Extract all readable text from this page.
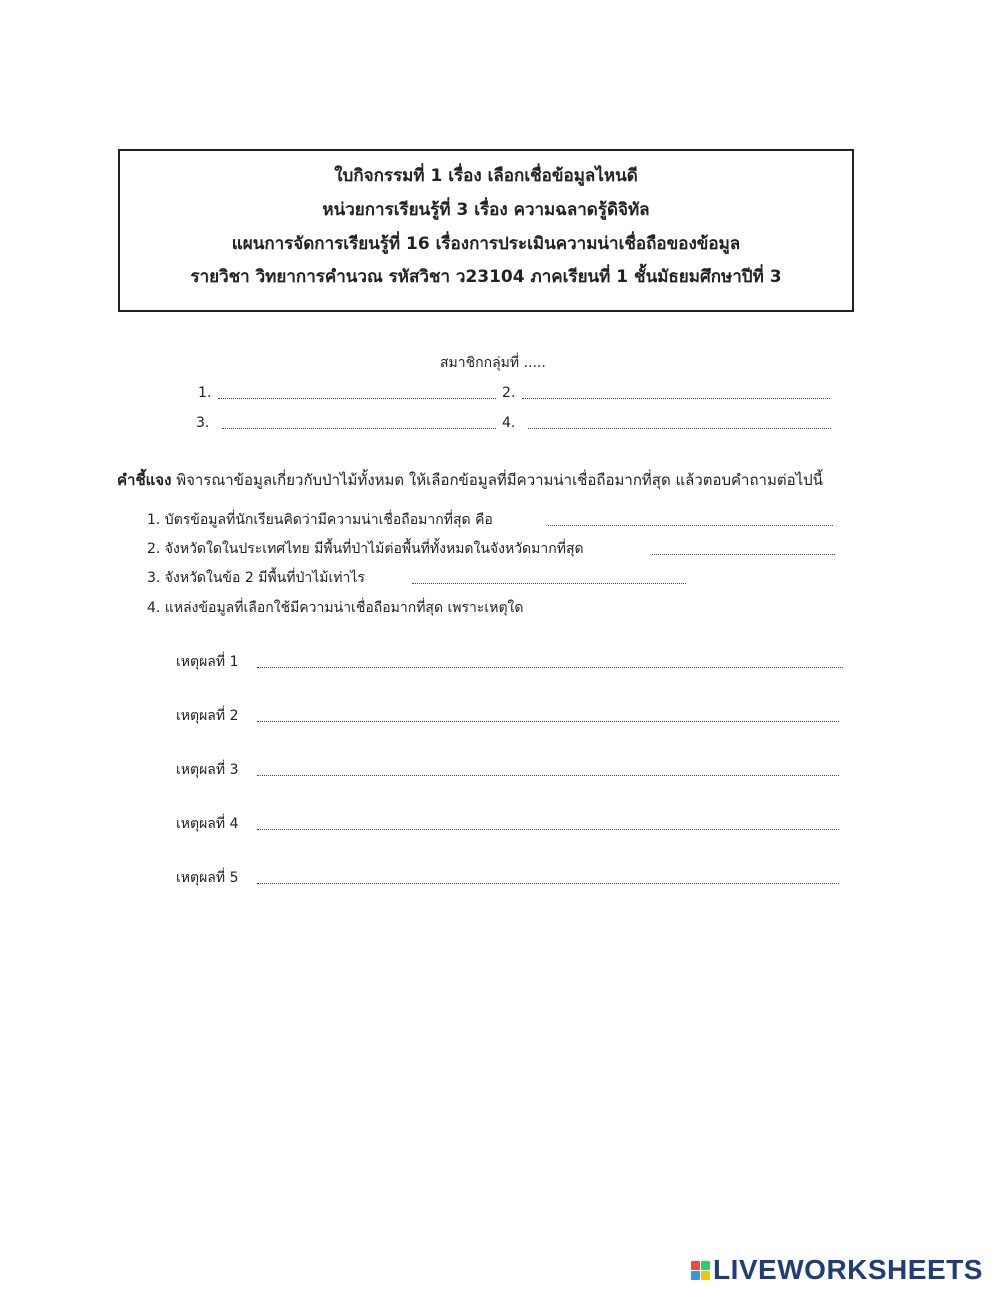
ใบกิจกรรมที่ 1 เรื่อง เลือกเชื่อข้อมูลไหนดี
หน่วยการเรียนรู้ที่ 3 เรื่อง ความฉลาดรู้ดิจิทัล
แผนการจัดการเรียนรู้ที่ 16 เรื่องการประเมินความน่าเชื่อถือของข้อมูล
รายวิชา วิทยาการคำนวณ รหัสวิชา ว23104 ภาคเรียนที่ 1 ชั้นมัธยมศึกษาปีที่ 3
สมาชิกกลุ่มที่ .....
1.	2.
3.	4.
คำชี้แจง พิจารณาข้อมูลเกี่ยวกับป่าไม้ทั้งหมด ให้เลือกข้อมูลที่มีความน่าเชื่อถือมากที่สุด แล้วตอบคำถามต่อไปนี้
1. บัตรข้อมูลที่นักเรียนคิดว่ามีความน่าเชื่อถือมากที่สุด คือ
2. จังหวัดใดในประเทศไทย มีพื้นที่ป่าไม้ต่อพื้นที่ทั้งหมดในจังหวัดมากที่สุด
3. จังหวัดในข้อ 2 มีพื้นที่ป่าไม้เท่าไร
4. แหล่งข้อมูลที่เลือกใช้มีความน่าเชื่อถือมากที่สุด เพราะเหตุใด
เหตุผลที่ 1
เหตุผลที่ 2
เหตุผลที่ 3
เหตุผลที่ 4
เหตุผลที่ 5
LIVEWORKSHEETS
